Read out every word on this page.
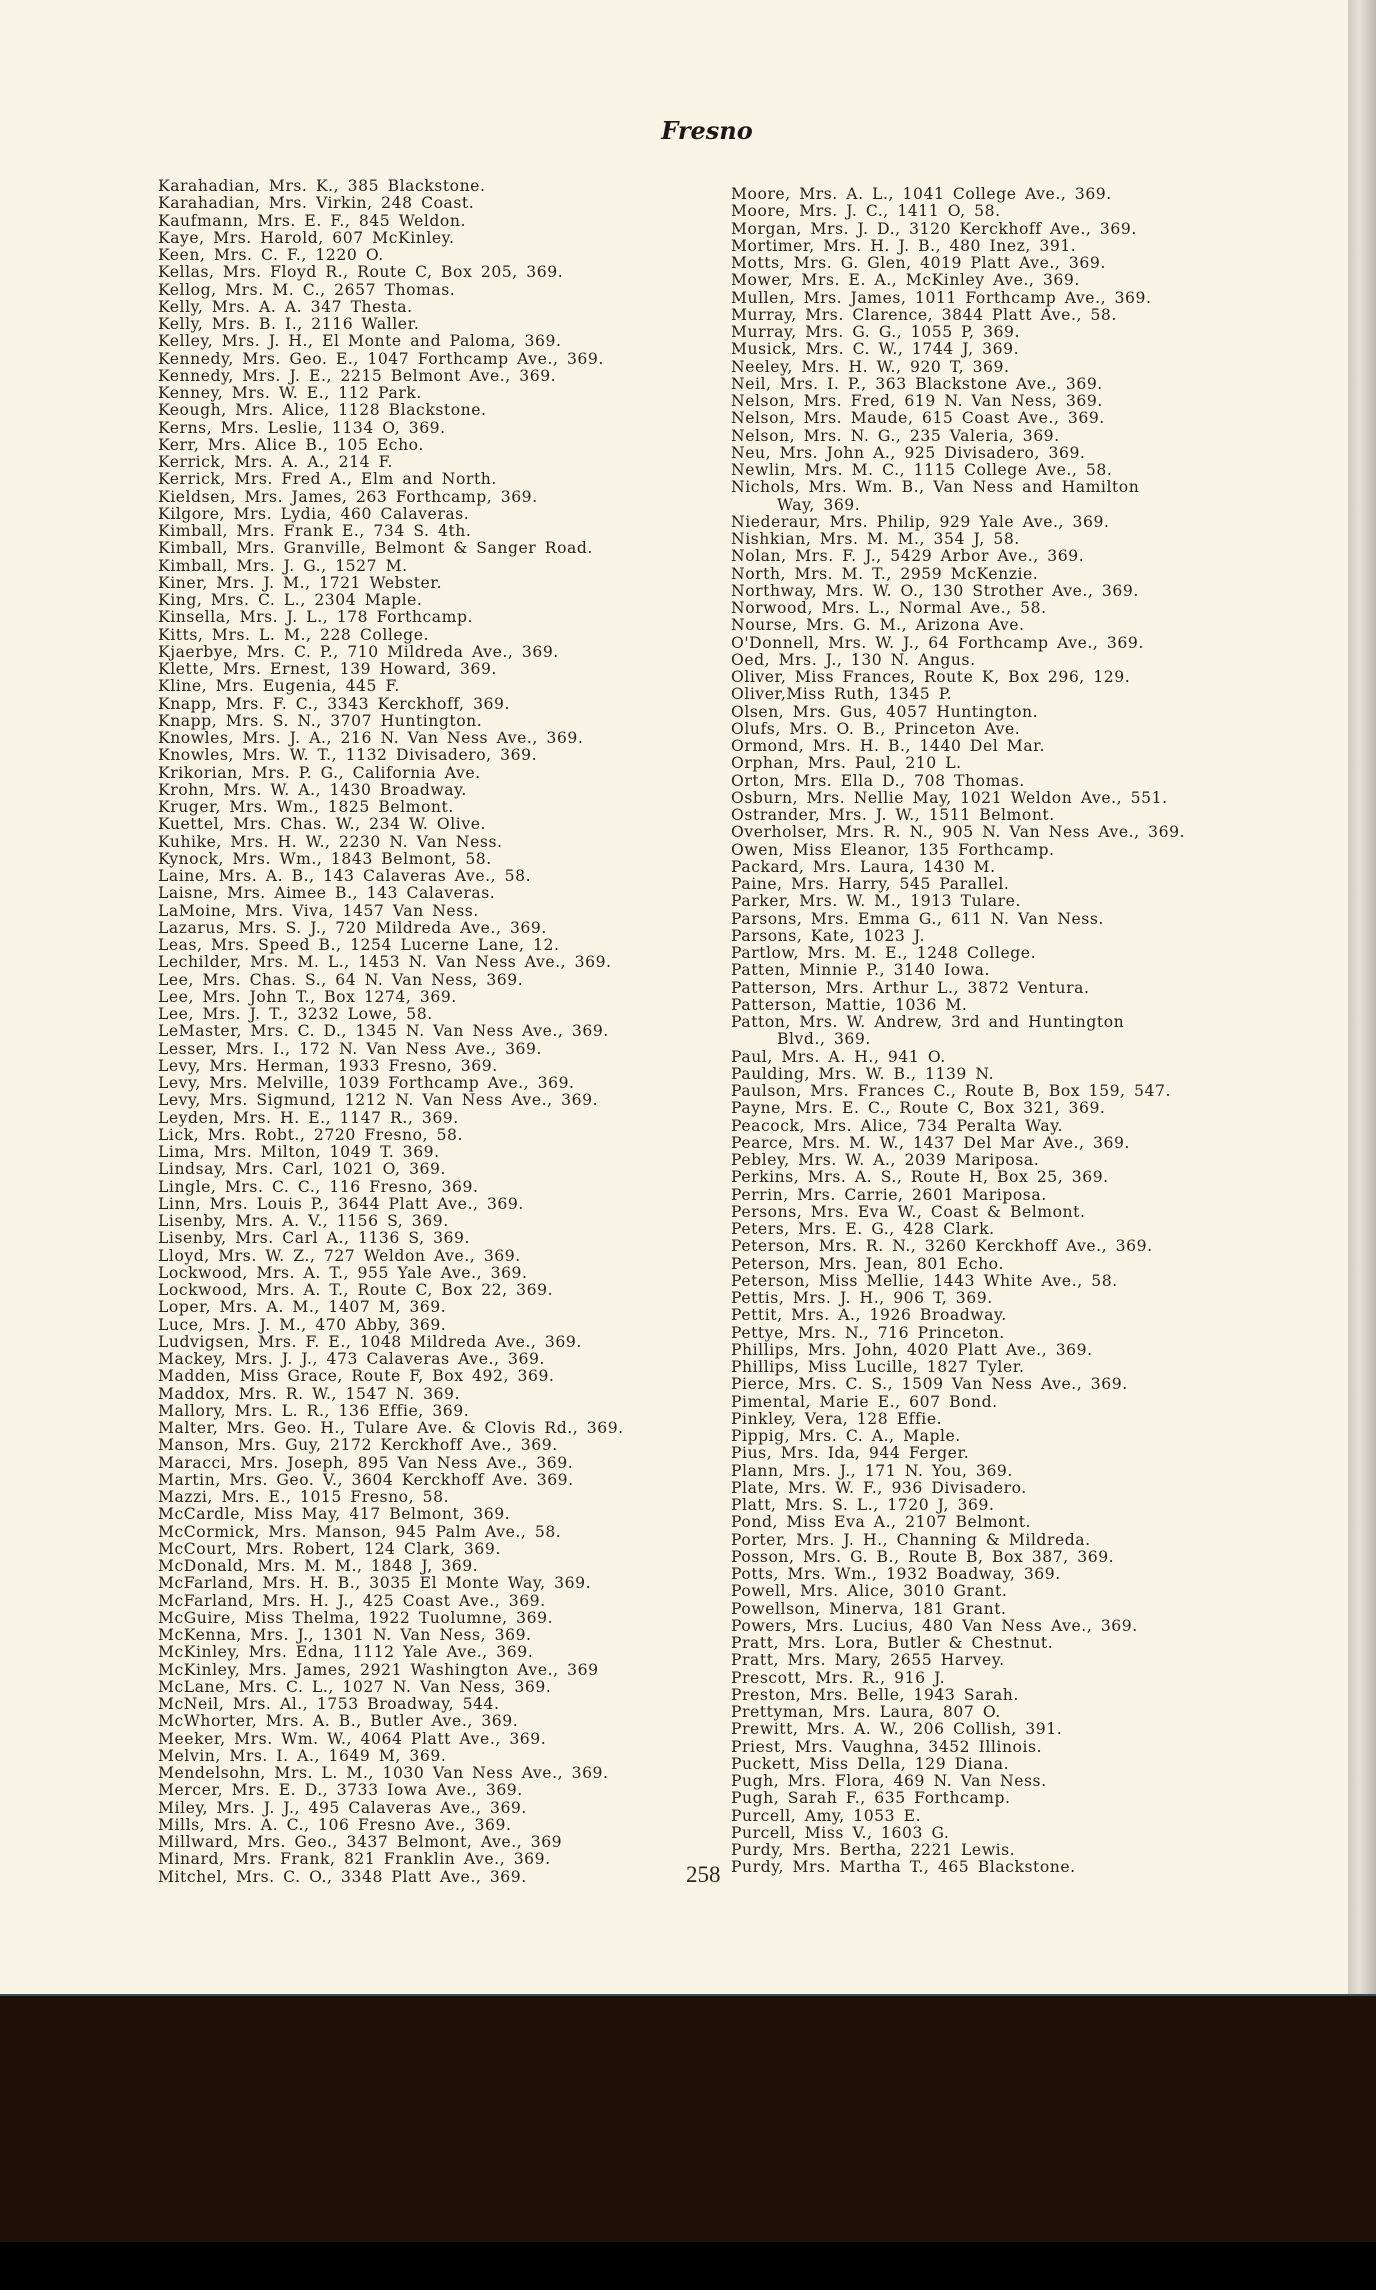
Fresno
Karahadian, Mrs. K., 385 Blackstone.
Karahadian, Mrs. Virkin, 248 Coast.
Kaufmann, Mrs. E. F., 845 Weldon.
Kaye, Mrs. Harold, 607 McKinley.
Keen, Mrs. C. F., 1220 O.
Kellas, Mrs. Floyd R., Route C, Box 205, 369.
Kellog, Mrs. M. C., 2657 Thomas.
Kelly, Mrs. A. A. 347 Thesta.
Kelly, Mrs. B. I., 2116 Waller.
Kelley, Mrs. J. H., El Monte and Paloma, 369.
Kennedy, Mrs. Geo. E., 1047 Forthcamp Ave., 369.
Kennedy, Mrs. J. E., 2215 Belmont Ave., 369.
Kenney, Mrs. W. E., 112 Park.
Keough, Mrs. Alice, 1128 Blackstone.
Kerns, Mrs. Leslie, 1134 O, 369.
Kerr, Mrs. Alice B., 105 Echo.
Kerrick, Mrs. A. A., 214 F.
Kerrick, Mrs. Fred A., Elm and North.
Kieldsen, Mrs. James, 263 Forthcamp, 369.
Kilgore, Mrs. Lydia, 460 Calaveras.
Kimball, Mrs. Frank E., 734 S. 4th.
Kimball, Mrs. Granville, Belmont & Sanger Road.
Kimball, Mrs. J. G., 1527 M.
Kiner, Mrs. J. M., 1721 Webster.
King, Mrs. C. L., 2304 Maple.
Kinsella, Mrs. J. L., 178 Forthcamp.
Kitts, Mrs. L. M., 228 College.
Kjaerbye, Mrs. C. P., 710 Mildreda Ave., 369.
Klette, Mrs. Ernest, 139 Howard, 369.
Kline, Mrs. Eugenia, 445 F.
Knapp, Mrs. F. C., 3343 Kerckhoff, 369.
Knapp, Mrs. S. N., 3707 Huntington.
Knowles, Mrs. J. A., 216 N. Van Ness Ave., 369.
Knowles, Mrs. W. T., 1132 Divisadero, 369.
Krikorian, Mrs. P. G., California Ave.
Krohn, Mrs. W. A., 1430 Broadway.
Kruger, Mrs. Wm., 1825 Belmont.
Kuettel, Mrs. Chas. W., 234 W. Olive.
Kuhike, Mrs. H. W., 2230 N. Van Ness.
Kynock, Mrs. Wm., 1843 Belmont, 58.
Laine, Mrs. A. B., 143 Calaveras Ave., 58.
Laisne, Mrs. Aimee B., 143 Calaveras.
LaMoine, Mrs. Viva, 1457 Van Ness.
Lazarus, Mrs. S. J., 720 Mildreda Ave., 369.
Leas, Mrs. Speed B., 1254 Lucerne Lane, 12.
Lechilder, Mrs. M. L., 1453 N. Van Ness Ave., 369.
Lee, Mrs. Chas. S., 64 N. Van Ness, 369.
Lee, Mrs. John T., Box 1274, 369.
Lee, Mrs. J. T., 3232 Lowe, 58.
LeMaster, Mrs. C. D., 1345 N. Van Ness Ave., 369.
Lesser, Mrs. I., 172 N. Van Ness Ave., 369.
Levy, Mrs. Herman, 1933 Fresno, 369.
Levy, Mrs. Melville, 1039 Forthcamp Ave., 369.
Levy, Mrs. Sigmund, 1212 N. Van Ness Ave., 369.
Leyden, Mrs. H. E., 1147 R., 369.
Lick, Mrs. Robt., 2720 Fresno, 58.
Lima, Mrs. Milton, 1049 T. 369.
Lindsay, Mrs. Carl, 1021 O, 369.
Lingle, Mrs. C. C., 116 Fresno, 369.
Linn, Mrs. Louis P., 3644 Platt Ave., 369.
Lisenby, Mrs. A. V., 1156 S, 369.
Lisenby, Mrs. Carl A., 1136 S, 369.
Lloyd, Mrs. W. Z., 727 Weldon Ave., 369.
Lockwood, Mrs. A. T., 955 Yale Ave., 369.
Lockwood, Mrs. A. T., Route C, Box 22, 369.
Loper, Mrs. A. M., 1407 M, 369.
Luce, Mrs. J. M., 470 Abby, 369.
Ludvigsen, Mrs. F. E., 1048 Mildreda Ave., 369.
Mackey, Mrs. J. J., 473 Calaveras Ave., 369.
Madden, Miss Grace, Route F, Box 492, 369.
Maddox, Mrs. R. W., 1547 N. 369.
Mallory, Mrs. L. R., 136 Effie, 369.
Malter, Mrs. Geo. H., Tulare Ave. & Clovis Rd., 369.
Manson, Mrs. Guy, 2172 Kerckhoff Ave., 369.
Maracci, Mrs. Joseph, 895 Van Ness Ave., 369.
Martin, Mrs. Geo. V., 3604 Kerckhoff Ave. 369.
Mazzi, Mrs. E., 1015 Fresno, 58.
McCardle, Miss May, 417 Belmont, 369.
McCormick, Mrs. Manson, 945 Palm Ave., 58.
McCourt, Mrs. Robert, 124 Clark, 369.
McDonald, Mrs. M. M., 1848 J, 369.
McFarland, Mrs. H. B., 3035 El Monte Way, 369.
McFarland, Mrs. H. J., 425 Coast Ave., 369.
McGuire, Miss Thelma, 1922 Tuolumne, 369.
McKenna, Mrs. J., 1301 N. Van Ness, 369.
McKinley, Mrs. Edna, 1112 Yale Ave., 369.
McKinley, Mrs. James, 2921 Washington Ave., 369
McLane, Mrs. C. L., 1027 N. Van Ness, 369.
McNeil, Mrs. Al., 1753 Broadway, 544.
McWhorter, Mrs. A. B., Butler Ave., 369.
Meeker, Mrs. Wm. W., 4064 Platt Ave., 369.
Melvin, Mrs. I. A., 1649 M, 369.
Mendelsohn, Mrs. L. M., 1030 Van Ness Ave., 369.
Mercer, Mrs. E. D., 3733 Iowa Ave., 369.
Miley, Mrs. J. J., 495 Calaveras Ave., 369.
Mills, Mrs. A. C., 106 Fresno Ave., 369.
Millward, Mrs. Geo., 3437 Belmont, Ave., 369
Minard, Mrs. Frank, 821 Franklin Ave., 369.
Mitchel, Mrs. C. O., 3348 Platt Ave., 369.
Moore, Mrs. A. L., 1041 College Ave., 369.
Moore, Mrs. J. C., 1411 O, 58.
Morgan, Mrs. J. D., 3120 Kerckhoff Ave., 369.
Mortimer, Mrs. H. J. B., 480 Inez, 391.
Motts, Mrs. G. Glen, 4019 Platt Ave., 369.
Mower, Mrs. E. A., McKinley Ave., 369.
Mullen, Mrs. James, 1011 Forthcamp Ave., 369.
Murray, Mrs. Clarence, 3844 Platt Ave., 58.
Murray, Mrs. G. G., 1055 P, 369.
Musick, Mrs. C. W., 1744 J, 369.
Neeley, Mrs. H. W., 920 T, 369.
Neil, Mrs. I. P., 363 Blackstone Ave., 369.
Nelson, Mrs. Fred, 619 N. Van Ness, 369.
Nelson, Mrs. Maude, 615 Coast Ave., 369.
Nelson, Mrs. N. G., 235 Valeria, 369.
Neu, Mrs. John A., 925 Divisadero, 369.
Newlin, Mrs. M. C., 1115 College Ave., 58.
Nichols, Mrs. Wm. B., Van Ness and Hamilton
Way, 369.
Niederaur, Mrs. Philip, 929 Yale Ave., 369.
Nishkian, Mrs. M. M., 354 J, 58.
Nolan, Mrs. F. J., 5429 Arbor Ave., 369.
North, Mrs. M. T., 2959 McKenzie.
Northway, Mrs. W. O., 130 Strother Ave., 369.
Norwood, Mrs. L., Normal Ave., 58.
Nourse, Mrs. G. M., Arizona Ave.
O'Donnell, Mrs. W. J., 64 Forthcamp Ave., 369.
Oed, Mrs. J., 130 N. Angus.
Oliver, Miss Frances, Route K, Box 296, 129.
Oliver,Miss Ruth, 1345 P.
Olsen, Mrs. Gus, 4057 Huntington.
Olufs, Mrs. O. B., Princeton Ave.
Ormond, Mrs. H. B., 1440 Del Mar.
Orphan, Mrs. Paul, 210 L.
Orton, Mrs. Ella D., 708 Thomas.
Osburn, Mrs. Nellie May, 1021 Weldon Ave., 551.
Ostrander, Mrs. J. W., 1511 Belmont.
Overholser, Mrs. R. N., 905 N. Van Ness Ave., 369.
Owen, Miss Eleanor, 135 Forthcamp.
Packard, Mrs. Laura, 1430 M.
Paine, Mrs. Harry, 545 Parallel.
Parker, Mrs. W. M., 1913 Tulare.
Parsons, Mrs. Emma G., 611 N. Van Ness.
Parsons, Kate, 1023 J.
Partlow, Mrs. M. E., 1248 College.
Patten, Minnie P., 3140 Iowa.
Patterson, Mrs. Arthur L., 3872 Ventura.
Patterson, Mattie, 1036 M.
Patton, Mrs. W. Andrew, 3rd and Huntington
Blvd., 369.
Paul, Mrs. A. H., 941 O.
Paulding, Mrs. W. B., 1139 N.
Paulson, Mrs. Frances C., Route B, Box 159, 547.
Payne, Mrs. E. C., Route C, Box 321, 369.
Peacock, Mrs. Alice, 734 Peralta Way.
Pearce, Mrs. M. W., 1437 Del Mar Ave., 369.
Pebley, Mrs. W. A., 2039 Mariposa.
Perkins, Mrs. A. S., Route H, Box 25, 369.
Perrin, Mrs. Carrie, 2601 Mariposa.
Persons, Mrs. Eva W., Coast & Belmont.
Peters, Mrs. E. G., 428 Clark.
Peterson, Mrs. R. N., 3260 Kerckhoff Ave., 369.
Peterson, Mrs. Jean, 801 Echo.
Peterson, Miss Mellie, 1443 White Ave., 58.
Pettis, Mrs. J. H., 906 T, 369.
Pettit, Mrs. A., 1926 Broadway.
Pettye, Mrs. N., 716 Princeton.
Phillips, Mrs. John, 4020 Platt Ave., 369.
Phillips, Miss Lucille, 1827 Tyler.
Pierce, Mrs. C. S., 1509 Van Ness Ave., 369.
Pimental, Marie E., 607 Bond.
Pinkley, Vera, 128 Effie.
Pippig, Mrs. C. A., Maple.
Pius, Mrs. Ida, 944 Ferger.
Plann, Mrs. J., 171 N. You, 369.
Plate, Mrs. W. F., 936 Divisadero.
Platt, Mrs. S. L., 1720 J, 369.
Pond, Miss Eva A., 2107 Belmont.
Porter, Mrs. J. H., Channing & Mildreda.
Posson, Mrs. G. B., Route B, Box 387, 369.
Potts, Mrs. Wm., 1932 Boadway, 369.
Powell, Mrs. Alice, 3010 Grant.
Powellson, Minerva, 181 Grant.
Powers, Mrs. Lucius, 480 Van Ness Ave., 369.
Pratt, Mrs. Lora, Butler & Chestnut.
Pratt, Mrs. Mary, 2655 Harvey.
Prescott, Mrs. R., 916 J.
Preston, Mrs. Belle, 1943 Sarah.
Prettyman, Mrs. Laura, 807 O.
Prewitt, Mrs. A. W., 206 Collish, 391.
Priest, Mrs. Vaughna, 3452 Illinois.
Puckett, Miss Della, 129 Diana.
Pugh, Mrs. Flora, 469 N. Van Ness.
Pugh, Sarah F., 635 Forthcamp.
Purcell, Amy, 1053 E.
Purcell, Miss V., 1603 G.
Purdy, Mrs. Bertha, 2221 Lewis.
Purdy, Mrs. Martha T., 465 Blackstone.
258
